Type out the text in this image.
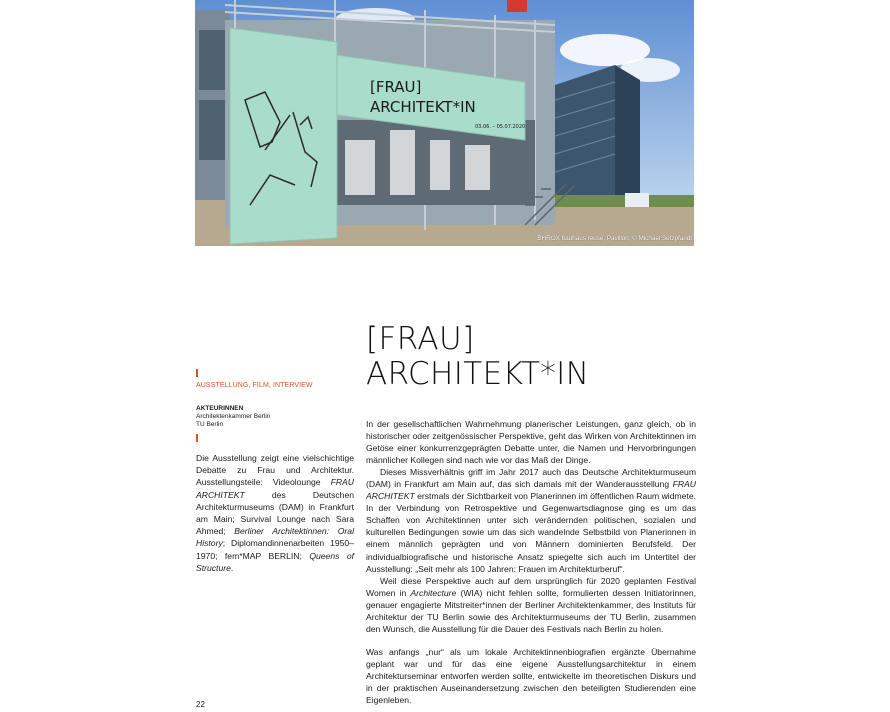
[FRAU]
ARCHITEKT*IN
03.06. – 05.07.2020
BHROX bauhaus reuse, Pavillon, © Michael Setzpfandt
[FRAU]
ARCHITEKT*IN
AUSSTELLUNG, FILM, INTERVIEW
AKTEURINNEN
Architektenkammer Berlin
TU Berlin
Die Ausstellung zeigt eine vielschichtige Debatte zu Frau und Architektur. Ausstellungsteile: Videolounge FRAU ARCHITEKT des Deutschen Architekturmuseums (DAM) in Frankfurt am Main; Survival Lounge nach Sara Ahmed; Berliner Architektinnen: Oral History; Diplomandinnenarbeiten 1950–1970; fem*MAP BERLIN; Queens of Structure.

In der gesellschaftlichen Wahrnehmung planerischer Leistungen, ganz gleich, ob in historischer oder zeitgenössischer Perspektive, geht das Wirken von Architektinnen im Getöse einer konkurrenzgeprägten Debatte unter, die Namen und Hervorbringungen männlicher Kollegen sind nach wie vor das Maß der Dinge.

Dieses Missverhältnis griff im Jahr 2017 auch das Deutsche Architekturmuseum (DAM) in Frankfurt am Main auf, das sich damals mit der Wanderausstellung FRAU ARCHITEKT erstmals der Sichtbarkeit von Planerinnen im öffentlichen Raum widmete. In der Verbindung von Retrospektive und Gegenwartsdiagnose ging es um das Schaffen von Architektinnen unter sich verändernden politischen, sozialen und kulturellen Bedingungen sowie um das sich wandelnde Selbstbild von Planerinnen in einem männlich geprägten und von Männern dominierten Berufsfeld. Der individualbiografische und historische Ansatz spiegelte sich auch im Untertitel der Ausstellung: „Seit mehr als 100 Jahren: Frauen im Architekturberuf“.

Weil diese Perspektive auch auf dem ursprünglich für 2020 geplanten Festival Women in Architecture (WIA) nicht fehlen sollte, formulierten dessen Initiatorinnen, genauer engagierte Mitstreiter*innen der Berliner Architektenkammer, des Instituts für Architektur der TU Berlin sowie des Architekturmuseums der TU Berlin, zusammen den Wunsch, die Ausstellung für die Dauer des Festivals nach Berlin zu holen.

Was anfangs „nur“ als um lokale Architektinnenbiografien ergänzte Übernahme geplant war und für das eine eigene Ausstellungsarchitektur in einem Architekturseminar entworfen werden sollte, entwickelte im theoretischen Diskurs und in der praktischen Auseinandersetzung zwischen den beteiligten Studierenden eine Eigenleben.

22
